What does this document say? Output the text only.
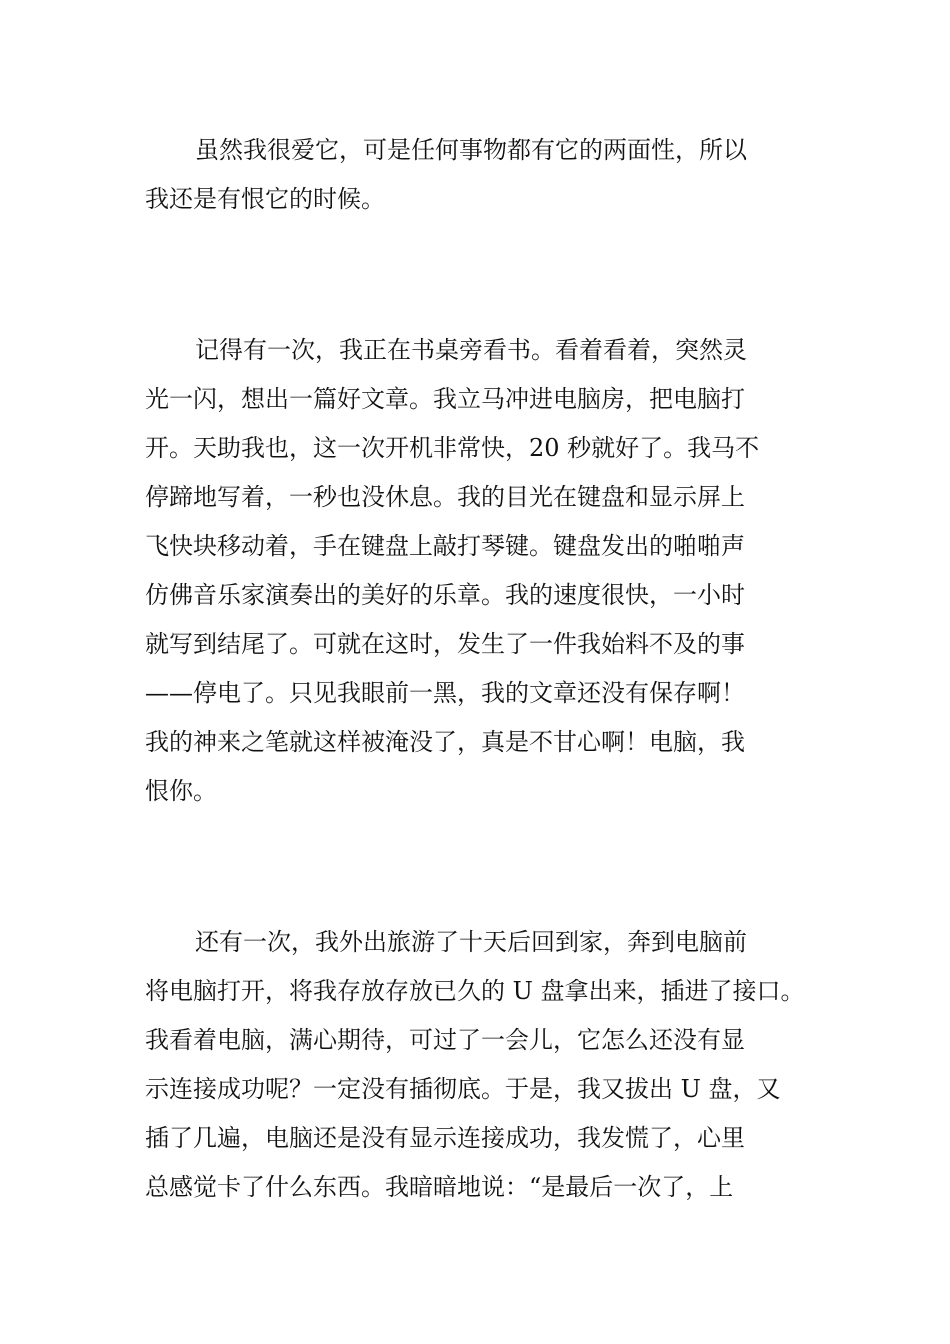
虽然我很爱它，可是任何事物都有它的两面性，所以

我还是有恨它的时候。

记得有一次，我正在书桌旁看书。看着看着，突然灵

光一闪，想出一篇好文章。我立马冲进电脑房，把电脑打

开。天助我也，这一次开机非常快，20 秒就好了。我马不

停蹄地写着，一秒也没休息。我的目光在键盘和显示屏上

飞快块移动着，手在键盘上敲打琴键。键盘发出的啪啪声

仿佛音乐家演奏出的美好的乐章。我的速度很快，一小时

就写到结尾了。可就在这时，发生了一件我始料不及的事

——停电了。只见我眼前一黑，我的文章还没有保存啊！

我的神来之笔就这样被淹没了，真是不甘心啊！电脑，我

恨你。

还有一次，我外出旅游了十天后回到家，奔到电脑前

将电脑打开，将我存放存放已久的 U 盘拿出来，插进了接口。

我看着电脑，满心期待，可过了一会儿，它怎么还没有显

示连接成功呢？一定没有插彻底。于是，我又拔出 U 盘，又

插了几遍，电脑还是没有显示连接成功，我发慌了，心里

总感觉卡了什么东西。我暗暗地说：“是最后一次了，上
